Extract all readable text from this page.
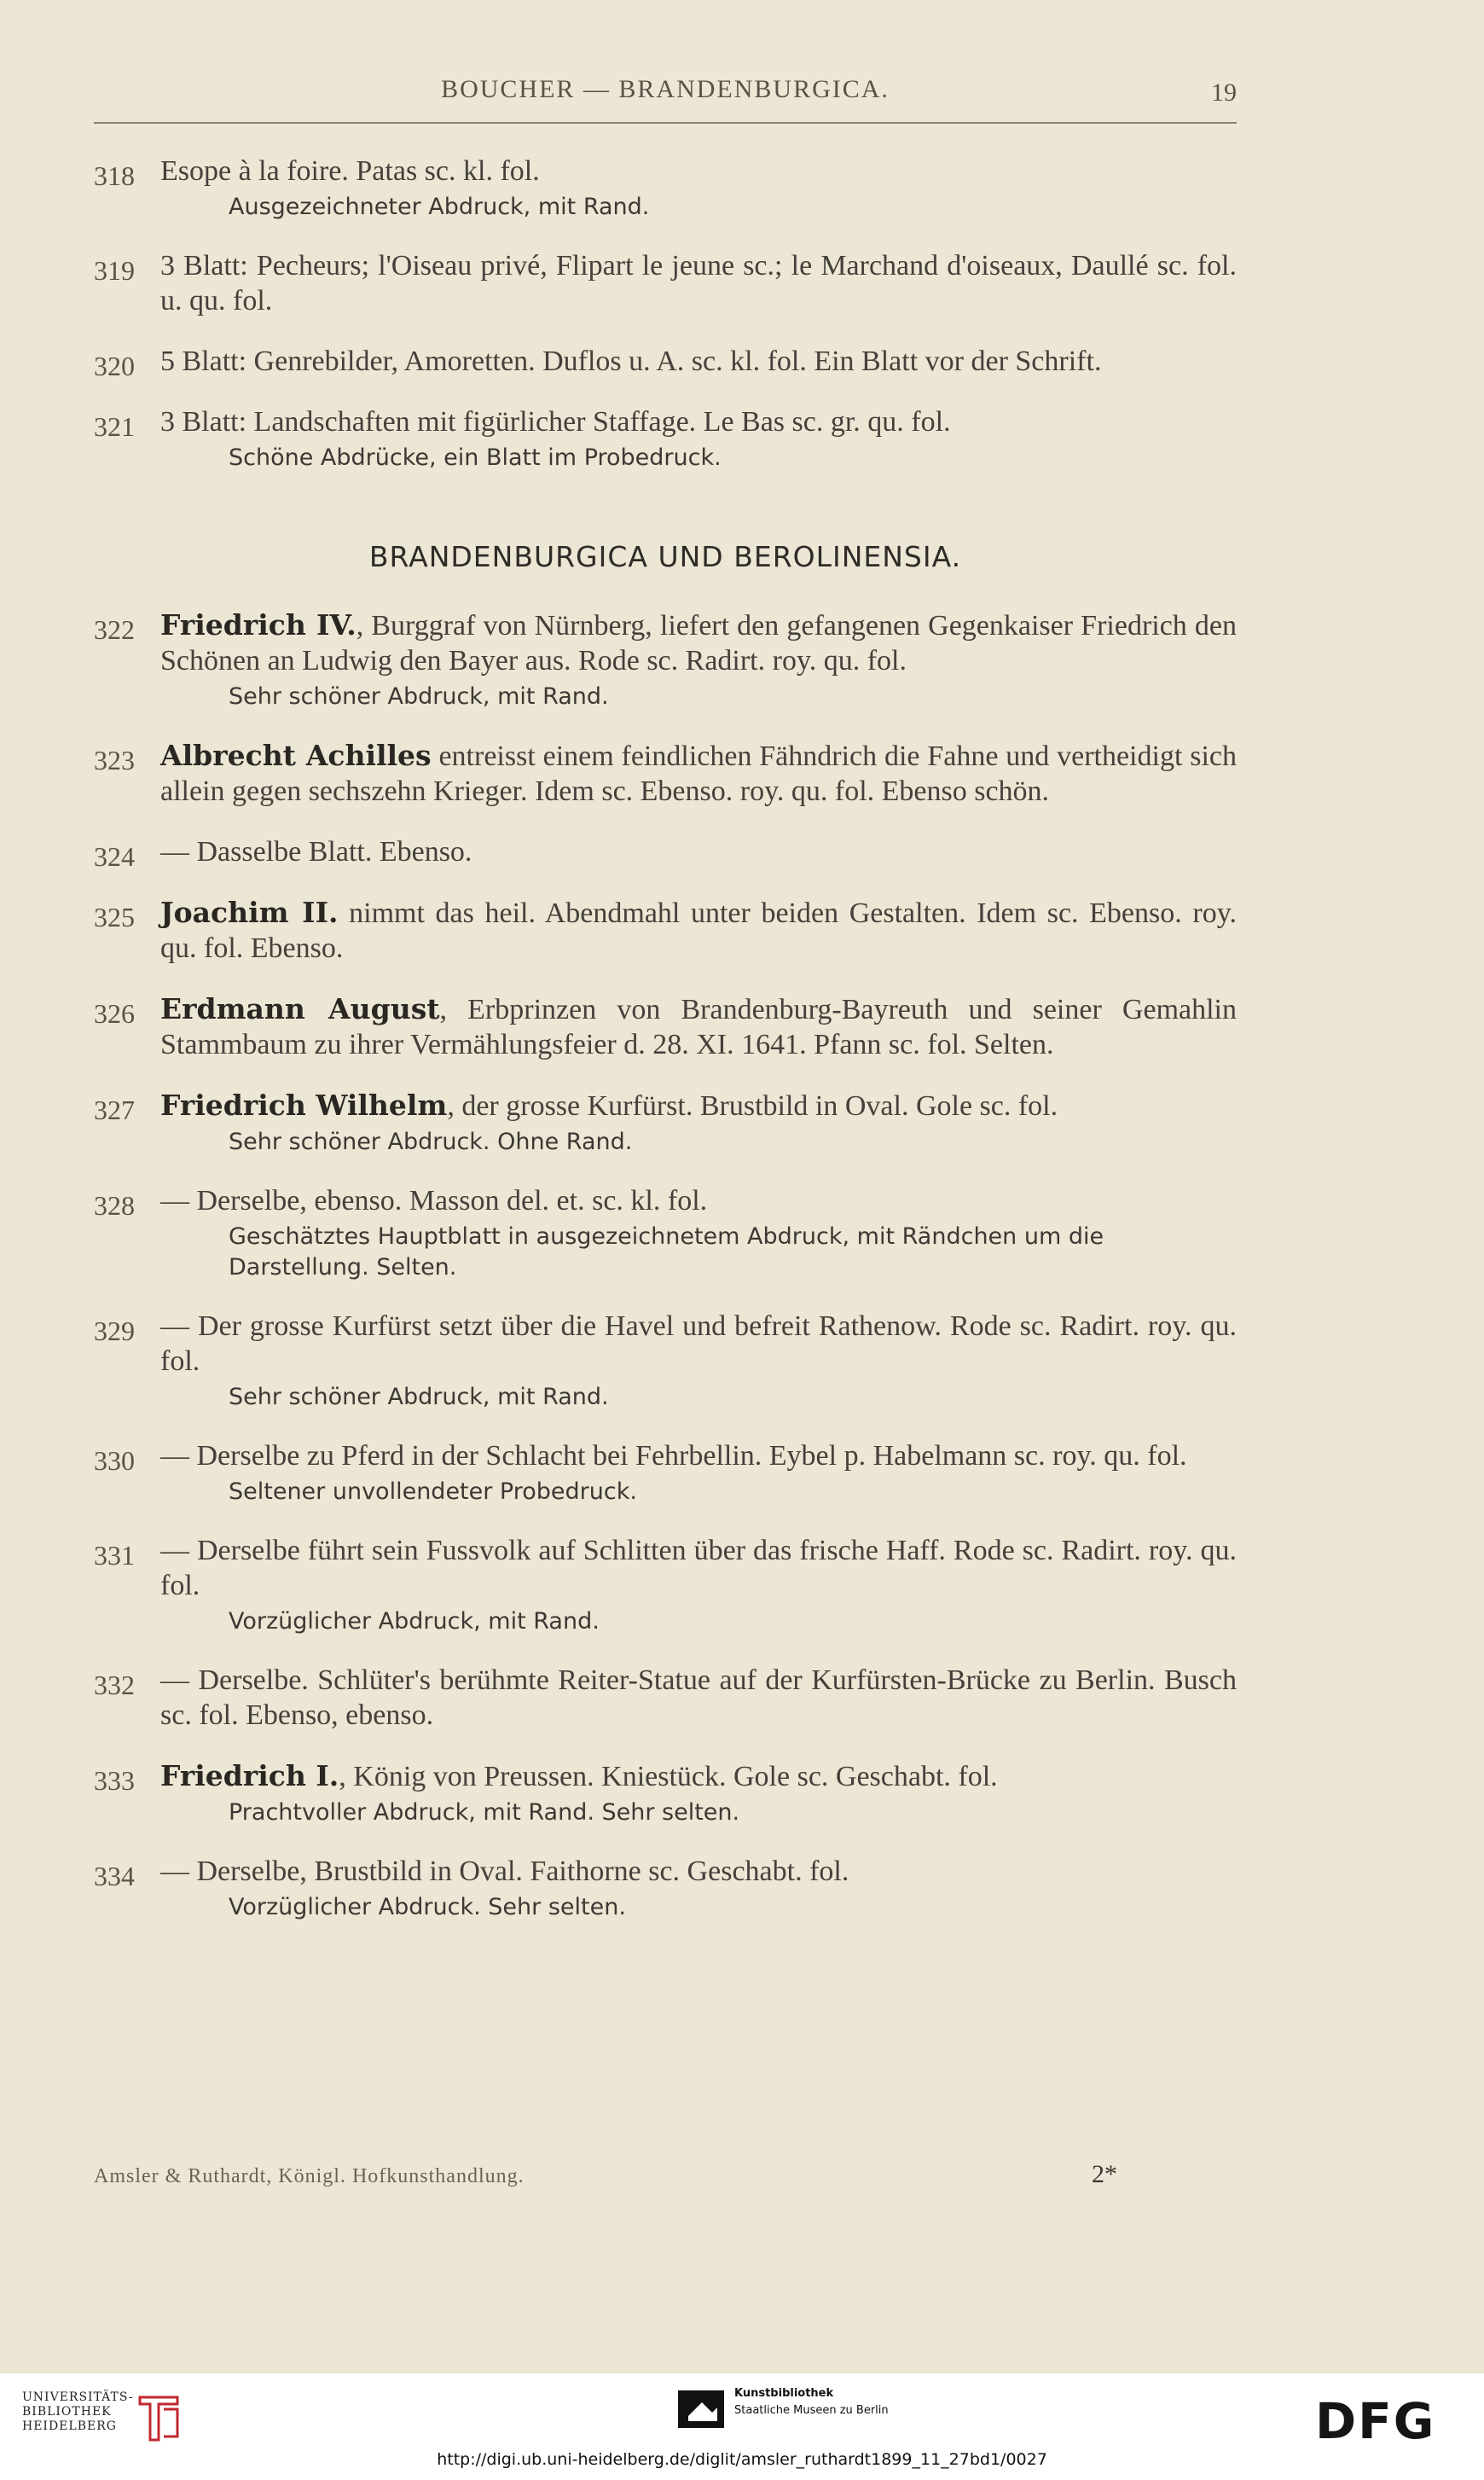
BOUCHER — BRANDENBURGICA.	19
318 Esope à la foire. Patas sc. kl. fol.

Ausgezeichneter Abdruck, mit Rand.
319 3 Blatt: Pecheurs; l'Oiseau privé, Flipart le jeune sc.; le Marchand d'oiseaux, Daullé sc. fol. u. qu. fol.

320 5 Blatt: Genrebilder, Amoretten. Duflos u. A. sc. kl. fol. Ein Blatt vor der Schrift.

321 3 Blatt: Landschaften mit figürlicher Staffage. Le Bas sc. gr. qu. fol.

Schöne Abdrücke, ein Blatt im Probedruck.
BRANDENBURGICA UND BEROLINENSIA.
322 Friedrich IV., Burggraf von Nürnberg, liefert den gefangenen Gegenkaiser Friedrich den Schönen an Ludwig den Bayer aus. Rode sc. Radirt. roy. qu. fol.

Sehr schöner Abdruck, mit Rand.
323 Albrecht Achilles entreisst einem feindlichen Fähndrich die Fahne und vertheidigt sich allein gegen sechszehn Krieger. Idem sc. Ebenso. roy. qu. fol. Ebenso schön.

324 — Dasselbe Blatt. Ebenso.

325 Joachim II. nimmt das heil. Abendmahl unter beiden Gestalten. Idem sc. Ebenso. roy. qu. fol. Ebenso.

326 Erdmann August, Erbprinzen von Brandenburg-Bayreuth und seiner Gemahlin Stammbaum zu ihrer Vermählungsfeier d. 28. XI. 1641. Pfann sc. fol. Selten.

327 Friedrich Wilhelm, der grosse Kurfürst. Brustbild in Oval. Gole sc. fol.

Sehr schöner Abdruck. Ohne Rand.
328 — Derselbe, ebenso. Masson del. et. sc. kl. fol.

Geschätztes Hauptblatt in ausgezeichnetem Abdruck, mit Rändchen um die Darstellung. Selten.
329 — Der grosse Kurfürst setzt über die Havel und befreit Rathenow. Rode sc. Radirt. roy. qu. fol.

Sehr schöner Abdruck, mit Rand.
330 — Derselbe zu Pferd in der Schlacht bei Fehrbellin. Eybel p. Habelmann sc. roy. qu. fol.

Seltener unvollendeter Probedruck.
331 — Derselbe führt sein Fussvolk auf Schlitten über das frische Haff. Rode sc. Radirt. roy. qu. fol.

Vorzüglicher Abdruck, mit Rand.
332 — Derselbe. Schlüter's berühmte Reiter-Statue auf der Kurfürsten-Brücke zu Berlin. Busch sc. fol. Ebenso, ebenso.

333 Friedrich I., König von Preussen. Kniestück. Gole sc. Geschabt. fol.

Prachtvoller Abdruck, mit Rand. Sehr selten.
334 — Derselbe, Brustbild in Oval. Faithorne sc. Geschabt. fol.

Vorzüglicher Abdruck. Sehr selten.
Amsler & Ruthardt, Königl. Hofkunsthandlung.	2*
UNIVERSITÄTS-
BIBLIOTHEK
HEIDELBERG
Kunstbibliothek
Staatliche Museen zu Berlin	DFG
http://digi.ub.uni-heidelberg.de/diglit/amsler_ruthardt1899_11_27bd1/0027
